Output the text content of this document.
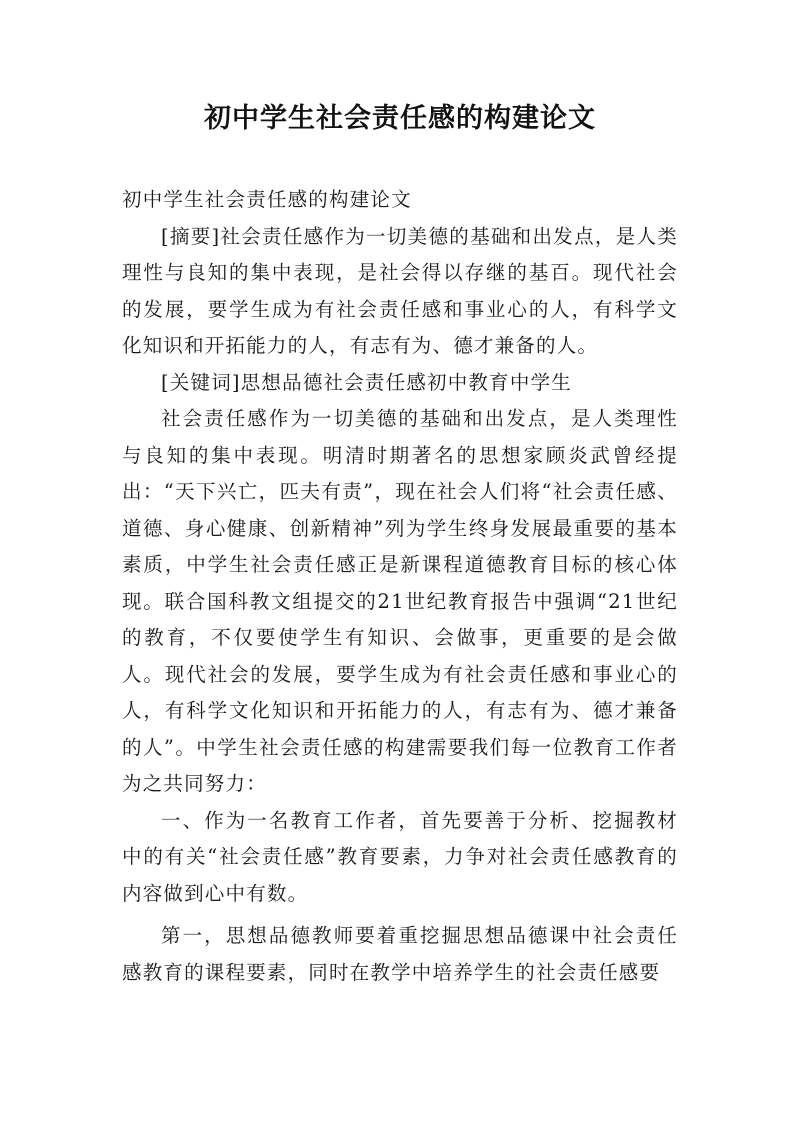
初中学生社会责任感的构建论文

初中学生社会责任感的构建论文

[摘要]社会责任感作为一切美德的基础和出发点，是人类理性与良知的集中表现，是社会得以存继的基百。现代社会的发展，要学生成为有社会责任感和事业心的人，有科学文化知识和开拓能力的人，有志有为、德才兼备的人。

[关键词]思想品德社会责任感初中教育中学生

社会责任感作为一切美德的基础和出发点，是人类理性与良知的集中表现。明清时期著名的思想家顾炎武曾经提出：“天下兴亡，匹夫有责”，现在社会人们将“社会责任感、道德、身心健康、创新精神”列为学生终身发展最重要的基本素质，中学生社会责任感正是新课程道德教育目标的核心体现。联合国科教文组提交的21世纪教育报告中强调“21世纪的教育，不仅要使学生有知识、会做事，更重要的是会做人。现代社会的发展，要学生成为有社会责任感和事业心的人，有科学文化知识和开拓能力的人，有志有为、德才兼备的人”。中学生社会责任感的构建需要我们每一位教育工作者为之共同努力：

一、作为一名教育工作者，首先要善于分析、挖掘教材中的有关“社会责任感”教育要素，力争对社会责任感教育的内容做到心中有数。

第一，思想品德教师要着重挖掘思想品德课中社会责任感教育的课程要素，同时在教学中培养学生的社会责任感要
